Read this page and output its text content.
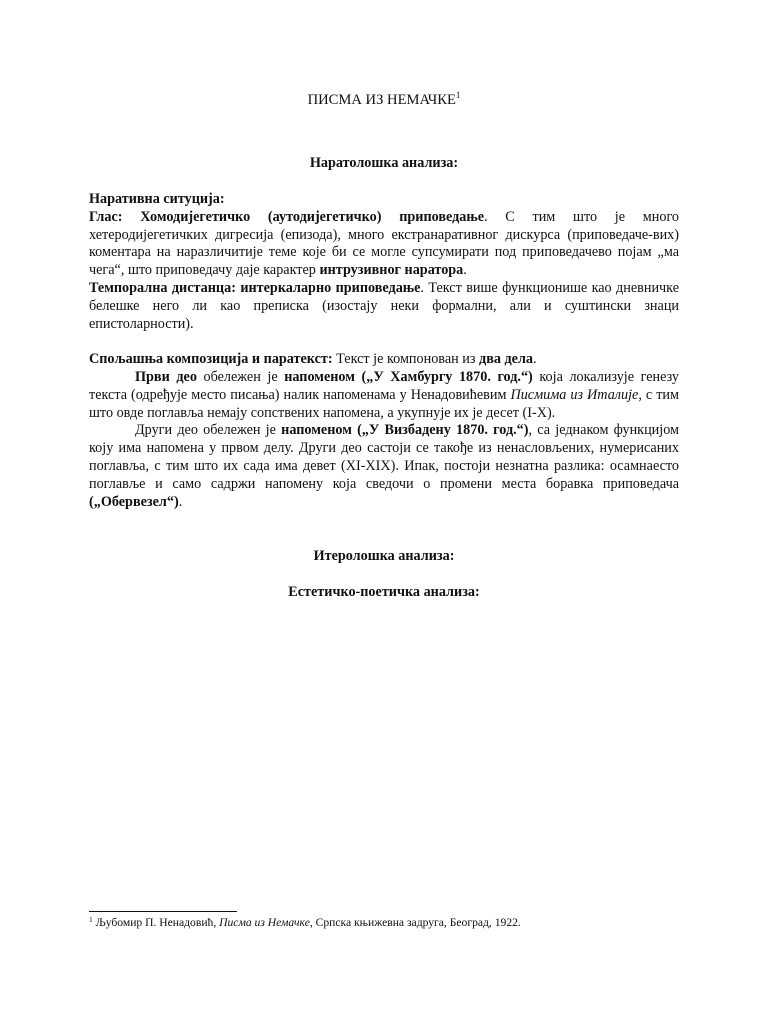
ПИСМА ИЗ НЕМАЧКЕ$^1$
Наратолошка анализа:

Наративна ситуција:

Глас: Хомодијегетичко (аутодијегетичко) приповедање. С тим што је много хетеродијегетичких дигресија (епизода), много екстранаративног дискурса (приповедаче-вих) коментара на наразличитије теме које би се могле супсумирати под приповедачево појам „ма чега“, што приповедачу даје карактер интрузивног наратора.

Темпорална дистанца: интеркаларно приповедање. Текст више функционише као дневничке белешке него ли као преписка (изостају неки формални, али и суштински знаци епистоларности).

Спољашња композиција и паратекст: Текст је компонован из два дела.

Први део обележен је напоменом („У Хамбургу 1870. год.“) која локализује генезу текста (одређује место писања) налик напоменама у Ненадовићевим Писмима из Италије, с тим што овде поглавља немају сопствених напомена, а укупнује их је десет (I-X).

Други део обележен је напоменом („У Визбадену 1870. год.“), са једнаком функцијом коју има напомена у првом делу. Други део састоји се такође из ненасловљених, нумерисаних поглавља, с тим што их сада има девет (XI-XIX). Ипак, постоји незнатна разлика: осамнаесто поглавље и само садржи напомену која сведочи о промени места боравка приповедача („Обервезел“).

Итеролошка анализа:
Естетичко-поетичка анализа:
$^1$ Љубомир П. Ненадовић, Писма из Немачке, Српска књижевна задруга, Београд, 1922.
